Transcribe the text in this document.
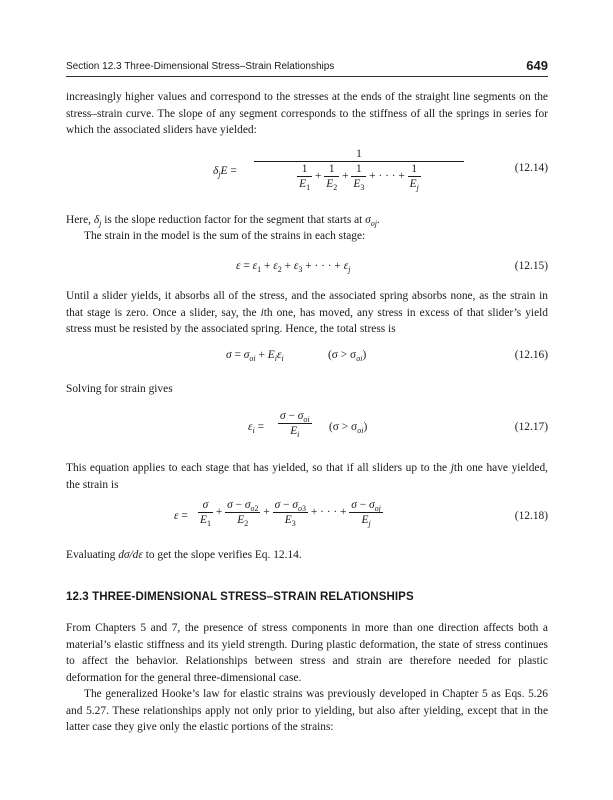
Section 12.3 Three-Dimensional Stress–Strain Relationships	649

increasingly higher values and correspond to the stresses at the ends of the straight line segments on the stress–strain curve. The slope of any segment corresponds to the stiffness of all the springs in series for which the associated sliders have yielded:

$\delta_jE$ =
1
$\frac{1}{E_1} + \frac{1}{E_2} + \frac{1}{E_3}$ + · · · + $\frac{1}{E_j}$	(12.14)

Here, $\delta_j$ is the slope reduction factor for the segment that starts at $\sigma_{oj}$.

The strain in the model is the sum of the strains in each stage:

$\varepsilon = \varepsilon_1 + \varepsilon_2 + \varepsilon_3$ + · · · + $\varepsilon_j$	(12.15)

Until a slider yields, it absorbs all of the stress, and the associated spring absorbs none, as the strain in that stage is zero. Once a slider, say, the ith one, has moved, any stress in excess of that slider’s yield stress must be resisted by the associated spring. Hence, the total stress is

$\sigma = \sigma_{oi} + E_i\varepsilon_i$	$(\sigma > \sigma_{oi})$	(12.16)

Solving for strain gives

$\varepsilon_i$ =
$\sigma - \sigma_{oi}$
$E_i$
$(\sigma > \sigma_{oi})$	(12.17)

This equation applies to each stage that has yielded, so that if all sliders up to the jth one have yielded, the strain is

$\varepsilon = \frac{\sigma}{E_1} + \frac{\sigma - \sigma_{o2}}{E_2} + \frac{\sigma - \sigma_{o3}}{E_3}$ + · · · + $\frac{\sigma - \sigma_{oj}}{E_j}$	(12.18)

Evaluating dσ/dε to get the slope verifies Eq. 12.14.

12.3 THREE-DIMENSIONAL STRESS–STRAIN RELATIONSHIPS

From Chapters 5 and 7, the presence of stress components in more than one direction affects both a material’s elastic stiffness and its yield strength. During plastic deformation, the state of stress continues to affect the behavior. Relationships between stress and strain are therefore needed for plastic deformation for the general three-dimensional case.

The generalized Hooke’s law for elastic strains was previously developed in Chapter 5 as Eqs. 5.26 and 5.27. These relationships apply not only prior to yielding, but also after yielding, except that in the latter case they give only the elastic portions of the strains:
